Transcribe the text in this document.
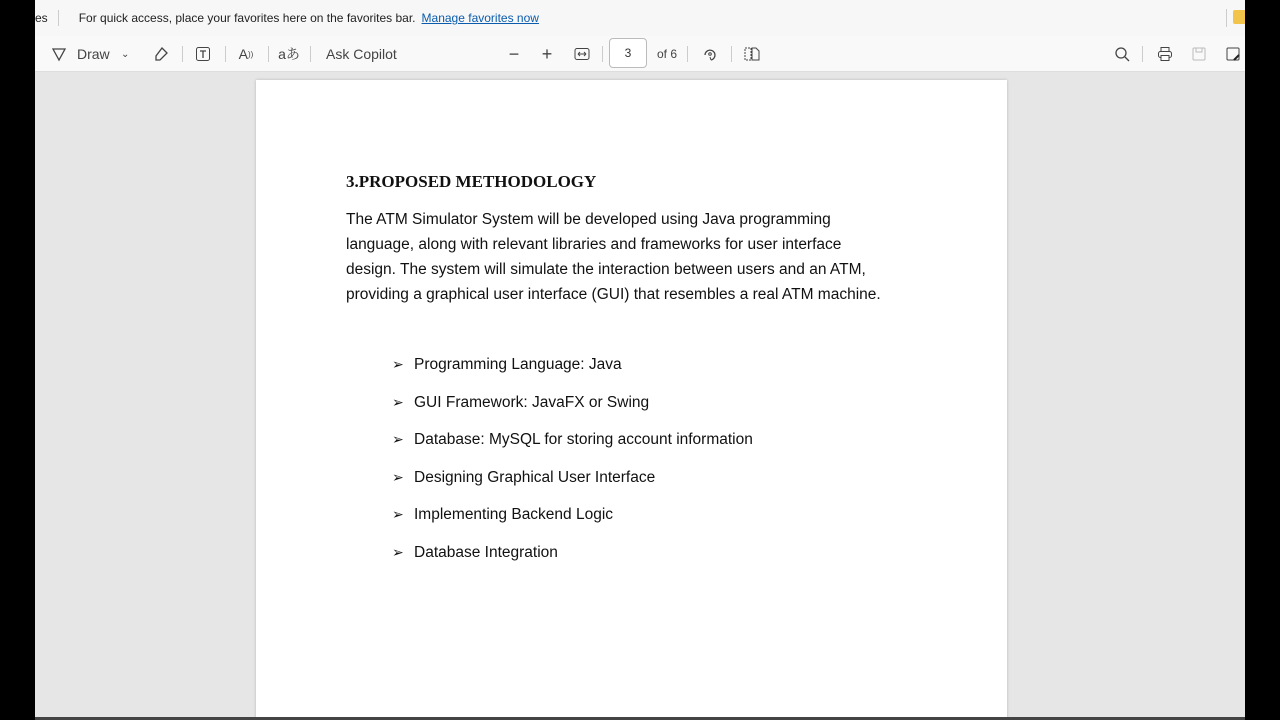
es	For quick access, place your favorites here on the favorites bar. Manage favorites now
Draw ⌄	A )) aあ Ask Copilot	− +	of 6
3
3.PROPOSED METHODOLOGY
The ATM Simulator System will be developed using Java programming
language, along with relevant libraries and frameworks for user interface
design. The system will simulate the interaction between users and an ATM,
providing a graphical user interface (GUI) that resembles a real ATM machine.
➢ Programming Language: Java
➢ GUI Framework: JavaFX or Swing
➢ Database: MySQL for storing account information
➢ Designing Graphical User Interface
➢ Implementing Backend Logic
➢ Database Integration
